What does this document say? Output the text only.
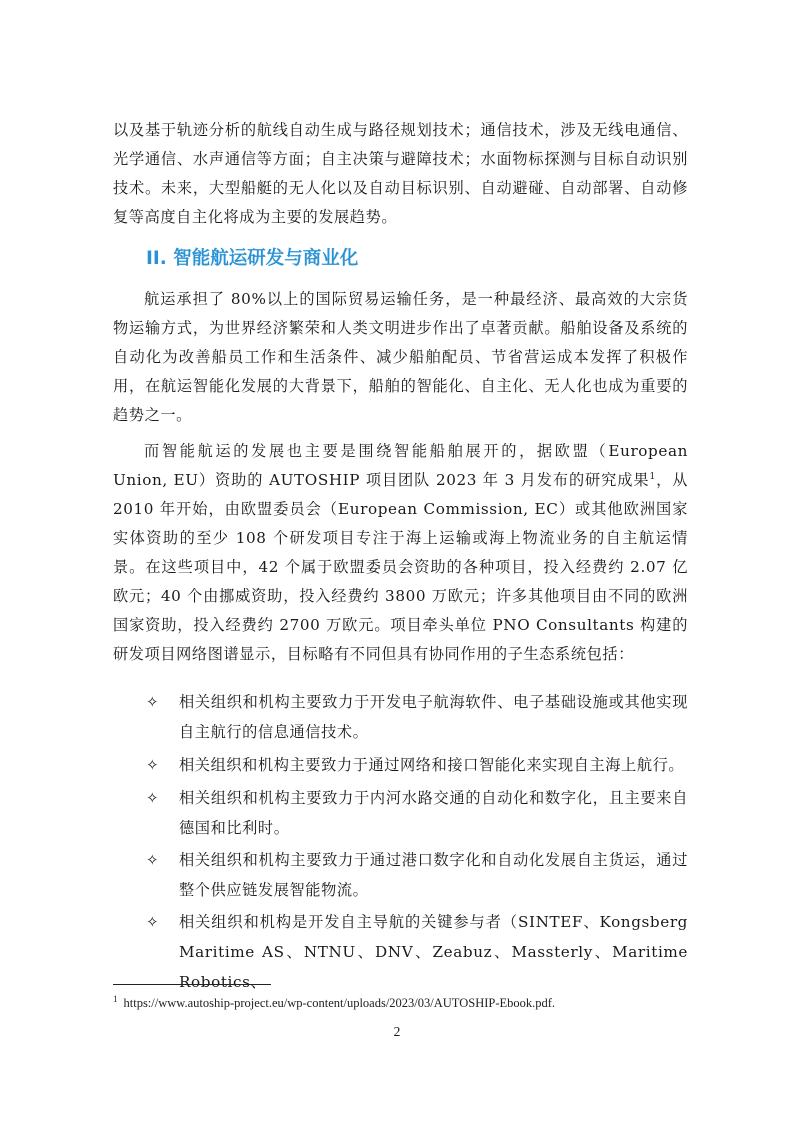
以及基于轨迹分析的航线自动生成与路径规划技术；通信技术，涉及无线电通信、光学通信、水声通信等方面；自主决策与避障技术；水面物标探测与目标自动识别技术。未来，大型船艇的无人化以及自动目标识别、自动避碰、自动部署、自动修复等高度自主化将成为主要的发展趋势。

II. 智能航运研发与商业化

航运承担了 80%以上的国际贸易运输任务，是一种最经济、最高效的大宗货物运输方式，为世界经济繁荣和人类文明进步作出了卓著贡献。船舶设备及系统的自动化为改善船员工作和生活条件、减少船舶配员、节省营运成本发挥了积极作用，在航运智能化发展的大背景下，船舶的智能化、自主化、无人化也成为重要的趋势之一。

而智能航运的发展也主要是围绕智能船舶展开的，据欧盟（European Union, EU）资助的 AUTOSHIP 项目团队 2023 年 3 月发布的研究成果$^1$，从 2010 年开始，由欧盟委员会（European Commission, EC）或其他欧洲国家实体资助的至少 108 个研发项目专注于海上运输或海上物流业务的自主航运情景。在这些项目中，42 个属于欧盟委员会资助的各种项目，投入经费约 2.07 亿欧元；40 个由挪威资助，投入经费约 3800 万欧元；许多其他项目由不同的欧洲国家资助，投入经费约 2700 万欧元。项目牵头单位 PNO Consultants 构建的研发项目网络图谱显示，目标略有不同但具有协同作用的子生态系统包括：

✧	相关组织和机构主要致力于开发电子航海软件、电子基础设施或其他实现自主航行的信息通信技术。
✧	相关组织和机构主要致力于通过网络和接口智能化来实现自主海上航行。
✧	相关组织和机构主要致力于内河水路交通的自动化和数字化，且主要来自德国和比利时。
✧	相关组织和机构主要致力于通过港口数字化和自动化发展自主货运，通过整个供应链发展智能物流。
✧	相关组织和机构是开发自主导航的关键参与者（SINTEF、Kongsberg Maritime AS、NTNU、DNV、Zeabuz、Massterly、Maritime Robotics、
$^1$ https://www.autoship-project.eu/wp-content/uploads/2023/03/AUTOSHIP-Ebook.pdf.
2
